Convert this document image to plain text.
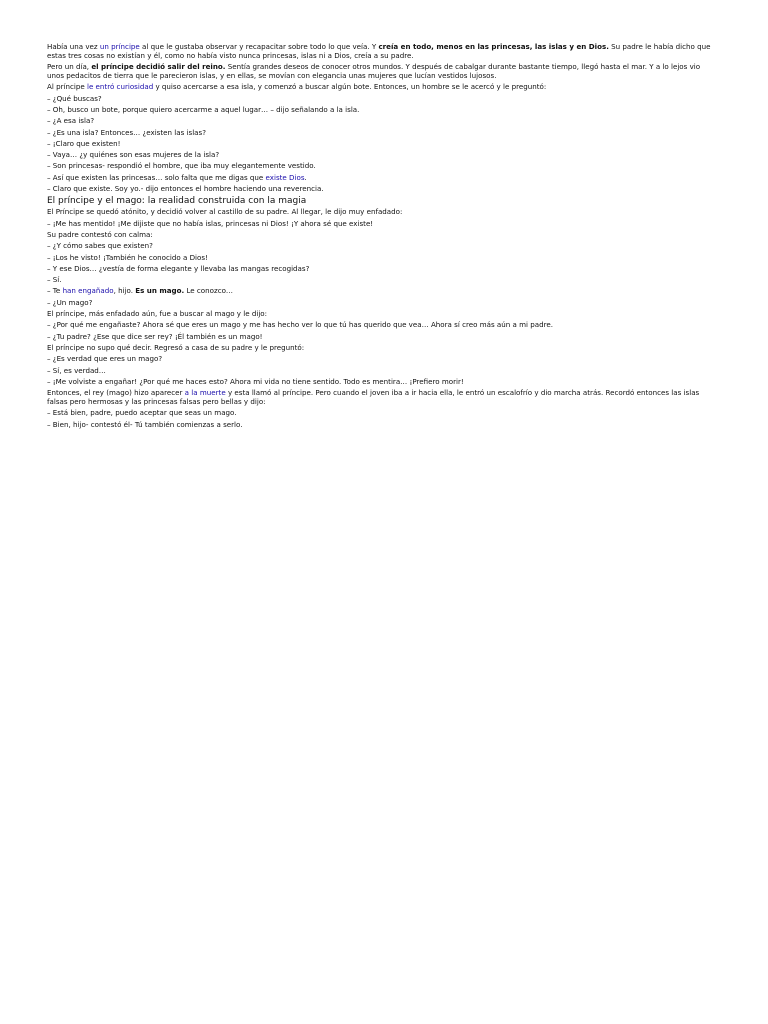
Había una vez un príncipe al que le gustaba observar y recapacitar sobre todo lo que veía. Y creía en todo, menos en las princesas, las islas y en Dios. Su padre le había dicho que estas tres cosas no existían y él, como no había visto nunca princesas, islas ni a Dios, creía a su padre.

Pero un día, el príncipe decidió salir del reino. Sentía grandes deseos de conocer otros mundos. Y después de cabalgar durante bastante tiempo, llegó hasta el mar. Y a lo lejos vio unos pedacitos de tierra que le parecieron islas, y en ellas, se movían con elegancia unas mujeres que lucían vestidos lujosos.

Al príncipe le entró curiosidad y quiso acercarse a esa isla, y comenzó a buscar algún bote. Entonces, un hombre se le acercó y le preguntó:

– ¿Qué buscas?

– Oh, busco un bote, porque quiero acercarme a aquel lugar… – dijo señalando a la isla.

– ¿A esa isla?

– ¿Es una isla? Entonces… ¿existen las islas?

– ¡Claro que existen!

– Vaya… ¿y quiénes son esas mujeres de la isla?

– Son princesas- respondió el hombre, que iba muy elegantemente vestido.

– Así que existen las princesas… solo falta que me digas que existe Dios.

– Claro que existe. Soy yo.- dijo entonces el hombre haciendo una reverencia.

El príncipe y el mago: la realidad construida con la magia

El Príncipe se quedó atónito, y decidió volver al castillo de su padre. Al llegar, le dijo muy enfadado:

– ¡Me has mentido! ¡Me dijiste que no había islas, princesas ni Dios! ¡Y ahora sé que existe!

Su padre contestó con calma:

– ¿Y cómo sabes que existen?

– ¡Los he visto! ¡También he conocido a Dios!

– Y ese Dios… ¿vestía de forma elegante y llevaba las mangas recogidas?

– Sí.

– Te han engañado, hijo. Es un mago. Le conozco…

– ¿Un mago?

El príncipe, más enfadado aún, fue a buscar al mago y le dijo:

– ¿Por qué me engañaste? Ahora sé que eres un mago y me has hecho ver lo que tú has querido que vea… Ahora sí creo más aún a mi padre.

– ¿Tu padre? ¿Ese que dice ser rey? ¡Él también es un mago!

El príncipe no supo qué decir. Regresó a casa de su padre y le preguntó:

– ¿Es verdad que eres un mago?

– Sí, es verdad…

– ¡Me volviste a engañar! ¿Por qué me haces esto? Ahora mi vida no tiene sentido. Todo es mentira… ¡Prefiero morir!

Entonces, el rey (mago) hizo aparecer a la muerte y esta llamó al príncipe. Pero cuando el joven iba a ir hacia ella, le entró un escalofrío y dio marcha atrás. Recordó entonces las islas falsas pero hermosas y las princesas falsas pero bellas y dijo:

– Está bien, padre, puedo aceptar que seas un mago.

– Bien, hijo- contestó él- Tú también comienzas a serlo.
